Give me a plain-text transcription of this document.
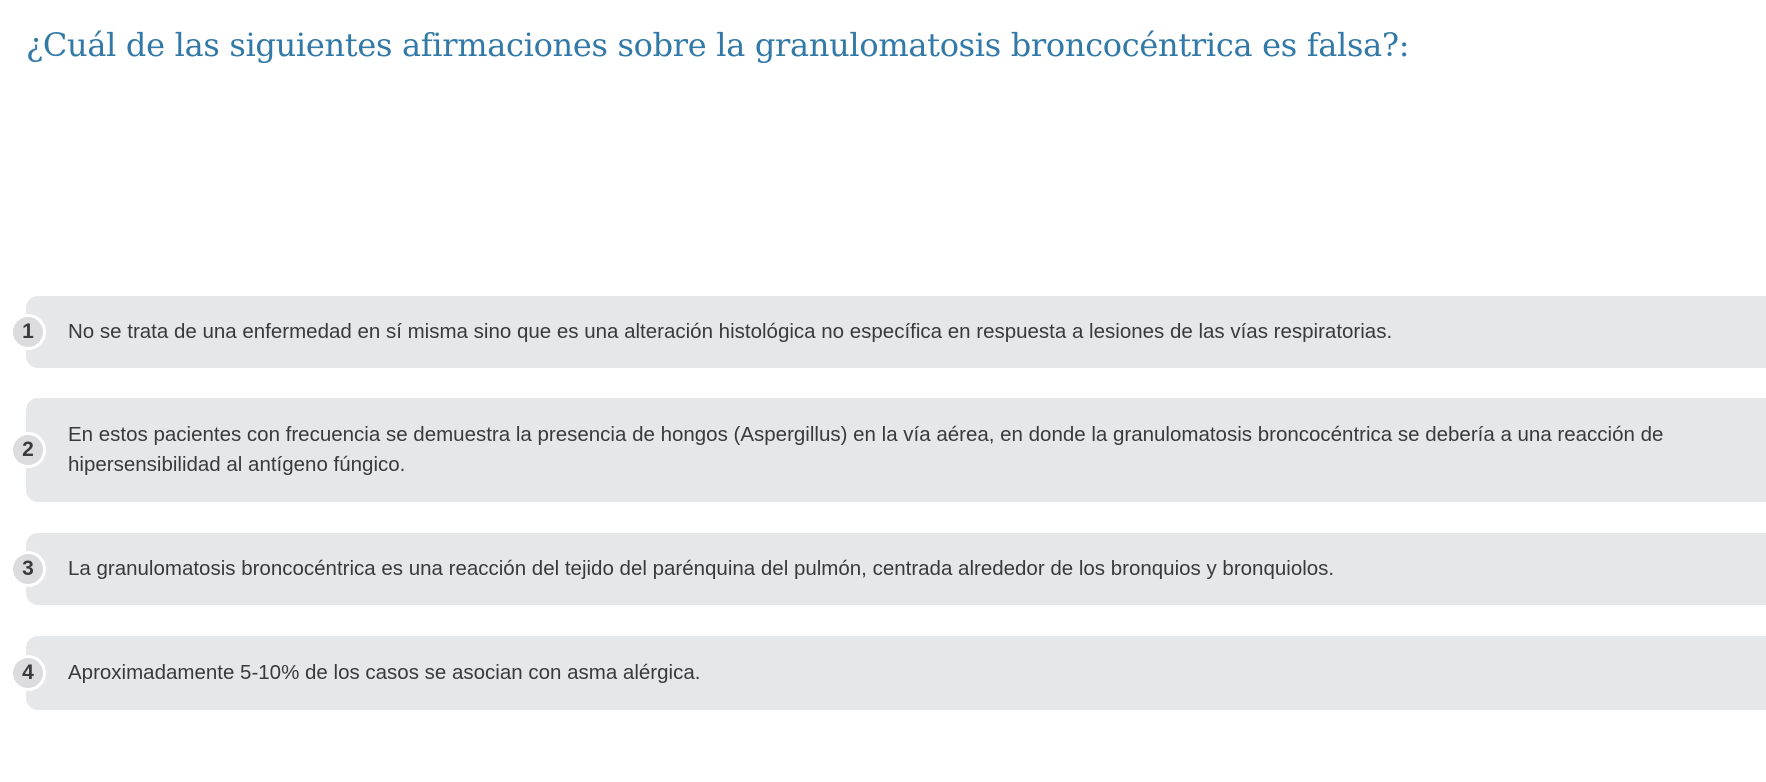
¿Cuál de las siguientes afirmaciones sobre la granulomatosis broncocéntrica es falsa?:
No se trata de una enfermedad en sí misma sino que es una alteración histológica no específica en respuesta a lesiones de las vías respiratorias.
1
En estos pacientes con frecuencia se demuestra la presencia de hongos (Aspergillus) en la vía aérea, en donde la granulomatosis broncocéntrica se debería a una reacción de hipersensibilidad al antígeno fúngico.
2
La granulomatosis broncocéntrica es una reacción del tejido del parénquina del pulmón, centrada alrededor de los bronquios y bronquiolos.
3
Aproximadamente 5-10% de los casos se asocian con asma alérgica.
4
